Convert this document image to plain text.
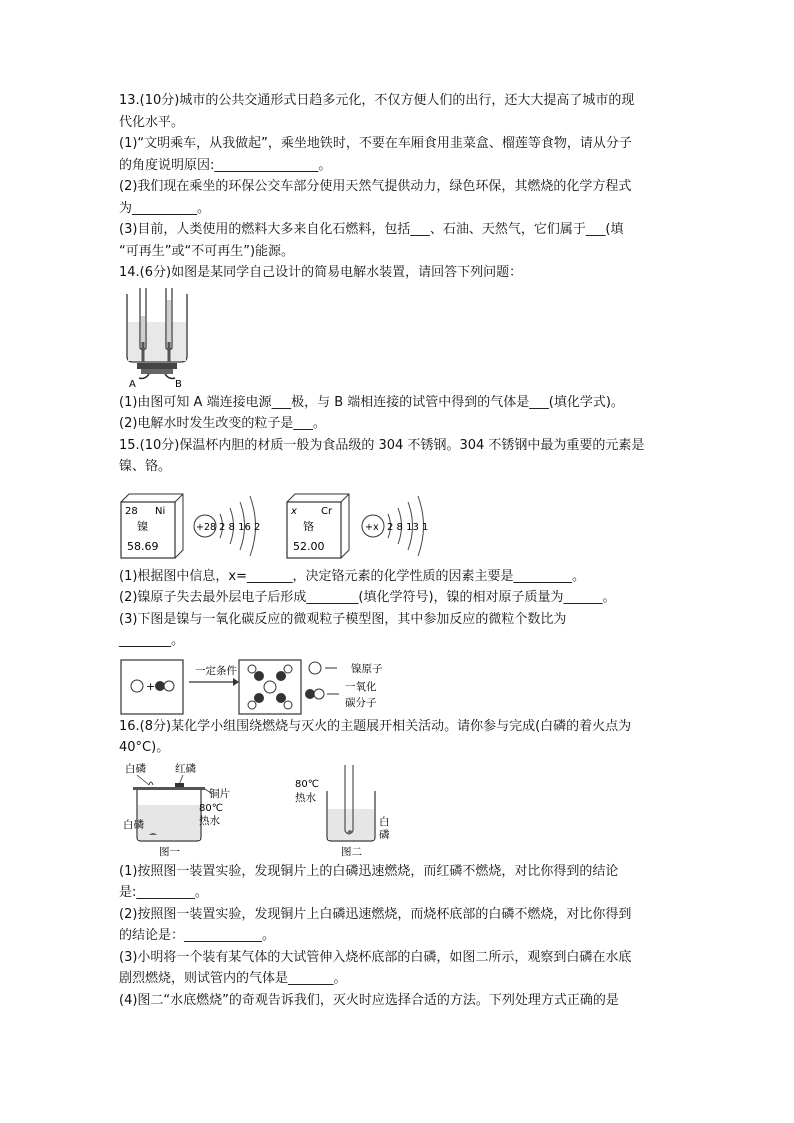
13.(10分)城市的公共交通形式日趋多元化，不仅方便人们的出行，还大大提高了城市的现
代化水平。
(1)“文明乘车，从我做起”，乘坐地铁时，不要在车厢食用韭菜盒、榴莲等食物，请从分子
的角度说明原因:________________。
(2)我们现在乘坐的环保公交车部分使用天然气提供动力，绿色环保，其燃烧的化学方程式
为__________。
(3)目前，人类使用的燃料大多来自化石燃料，包括___、石油、天然气，它们属于___(填
“可再生”或“不可再生”)能源。
14.(6分)如图是某同学自己设计的简易电解水装置，请回答下列问题：
A	B
(1)由图可知 A 端连接电源___极，与 B 端相连接的试管中得到的气体是___(填化学式)。
(2)电解水时发生改变的粒子是___。
15.(10分)保温杯内胆的材质一般为食品级的 304 不锈钢。304 不锈钢中最为重要的元素是
镍、铬。
28 Ni
镍
58.69
+28 2 8 16 2
x Cr
铬
52.00
+x 2 8 13 1
(1)根据图中信息，x=_______，决定铬元素的化学性质的因素主要是_________。
(2)镍原子失去最外层电子后形成________(填化学符号)，镍的相对原子质量为______。
(3)下图是镍与一氧化碳反应的微观粒子模型图，其中参加反应的微粒个数比为
________。
+
一定条件	镍原子
一氧化
碳分子
16.(8分)某化学小组围绕燃烧与灭火的主题展开相关活动。请你参与完成(白磷的着火点为
40°C)。
白磷	红磷
铜片
80℃
热水
白磷
图一
80℃
热水
白
磷
图二
(1)按照图一装置实验，发现铜片上的白磷迅速燃烧，而红磷不燃烧，对比你得到的结论
是:_________。
(2)按照图一装置实验，发现铜片上白磷迅速燃烧，而烧杯底部的白磷不燃烧，对比你得到
的结论是：____________。
(3)小明将一个装有某气体的大试管伸入烧杯底部的白磷，如图二所示，观察到白磷在水底
剧烈燃烧，则试管内的气体是_______。
(4)图二“水底燃烧”的奇观告诉我们，灭火时应选择合适的方法。下列处理方式正确的是
